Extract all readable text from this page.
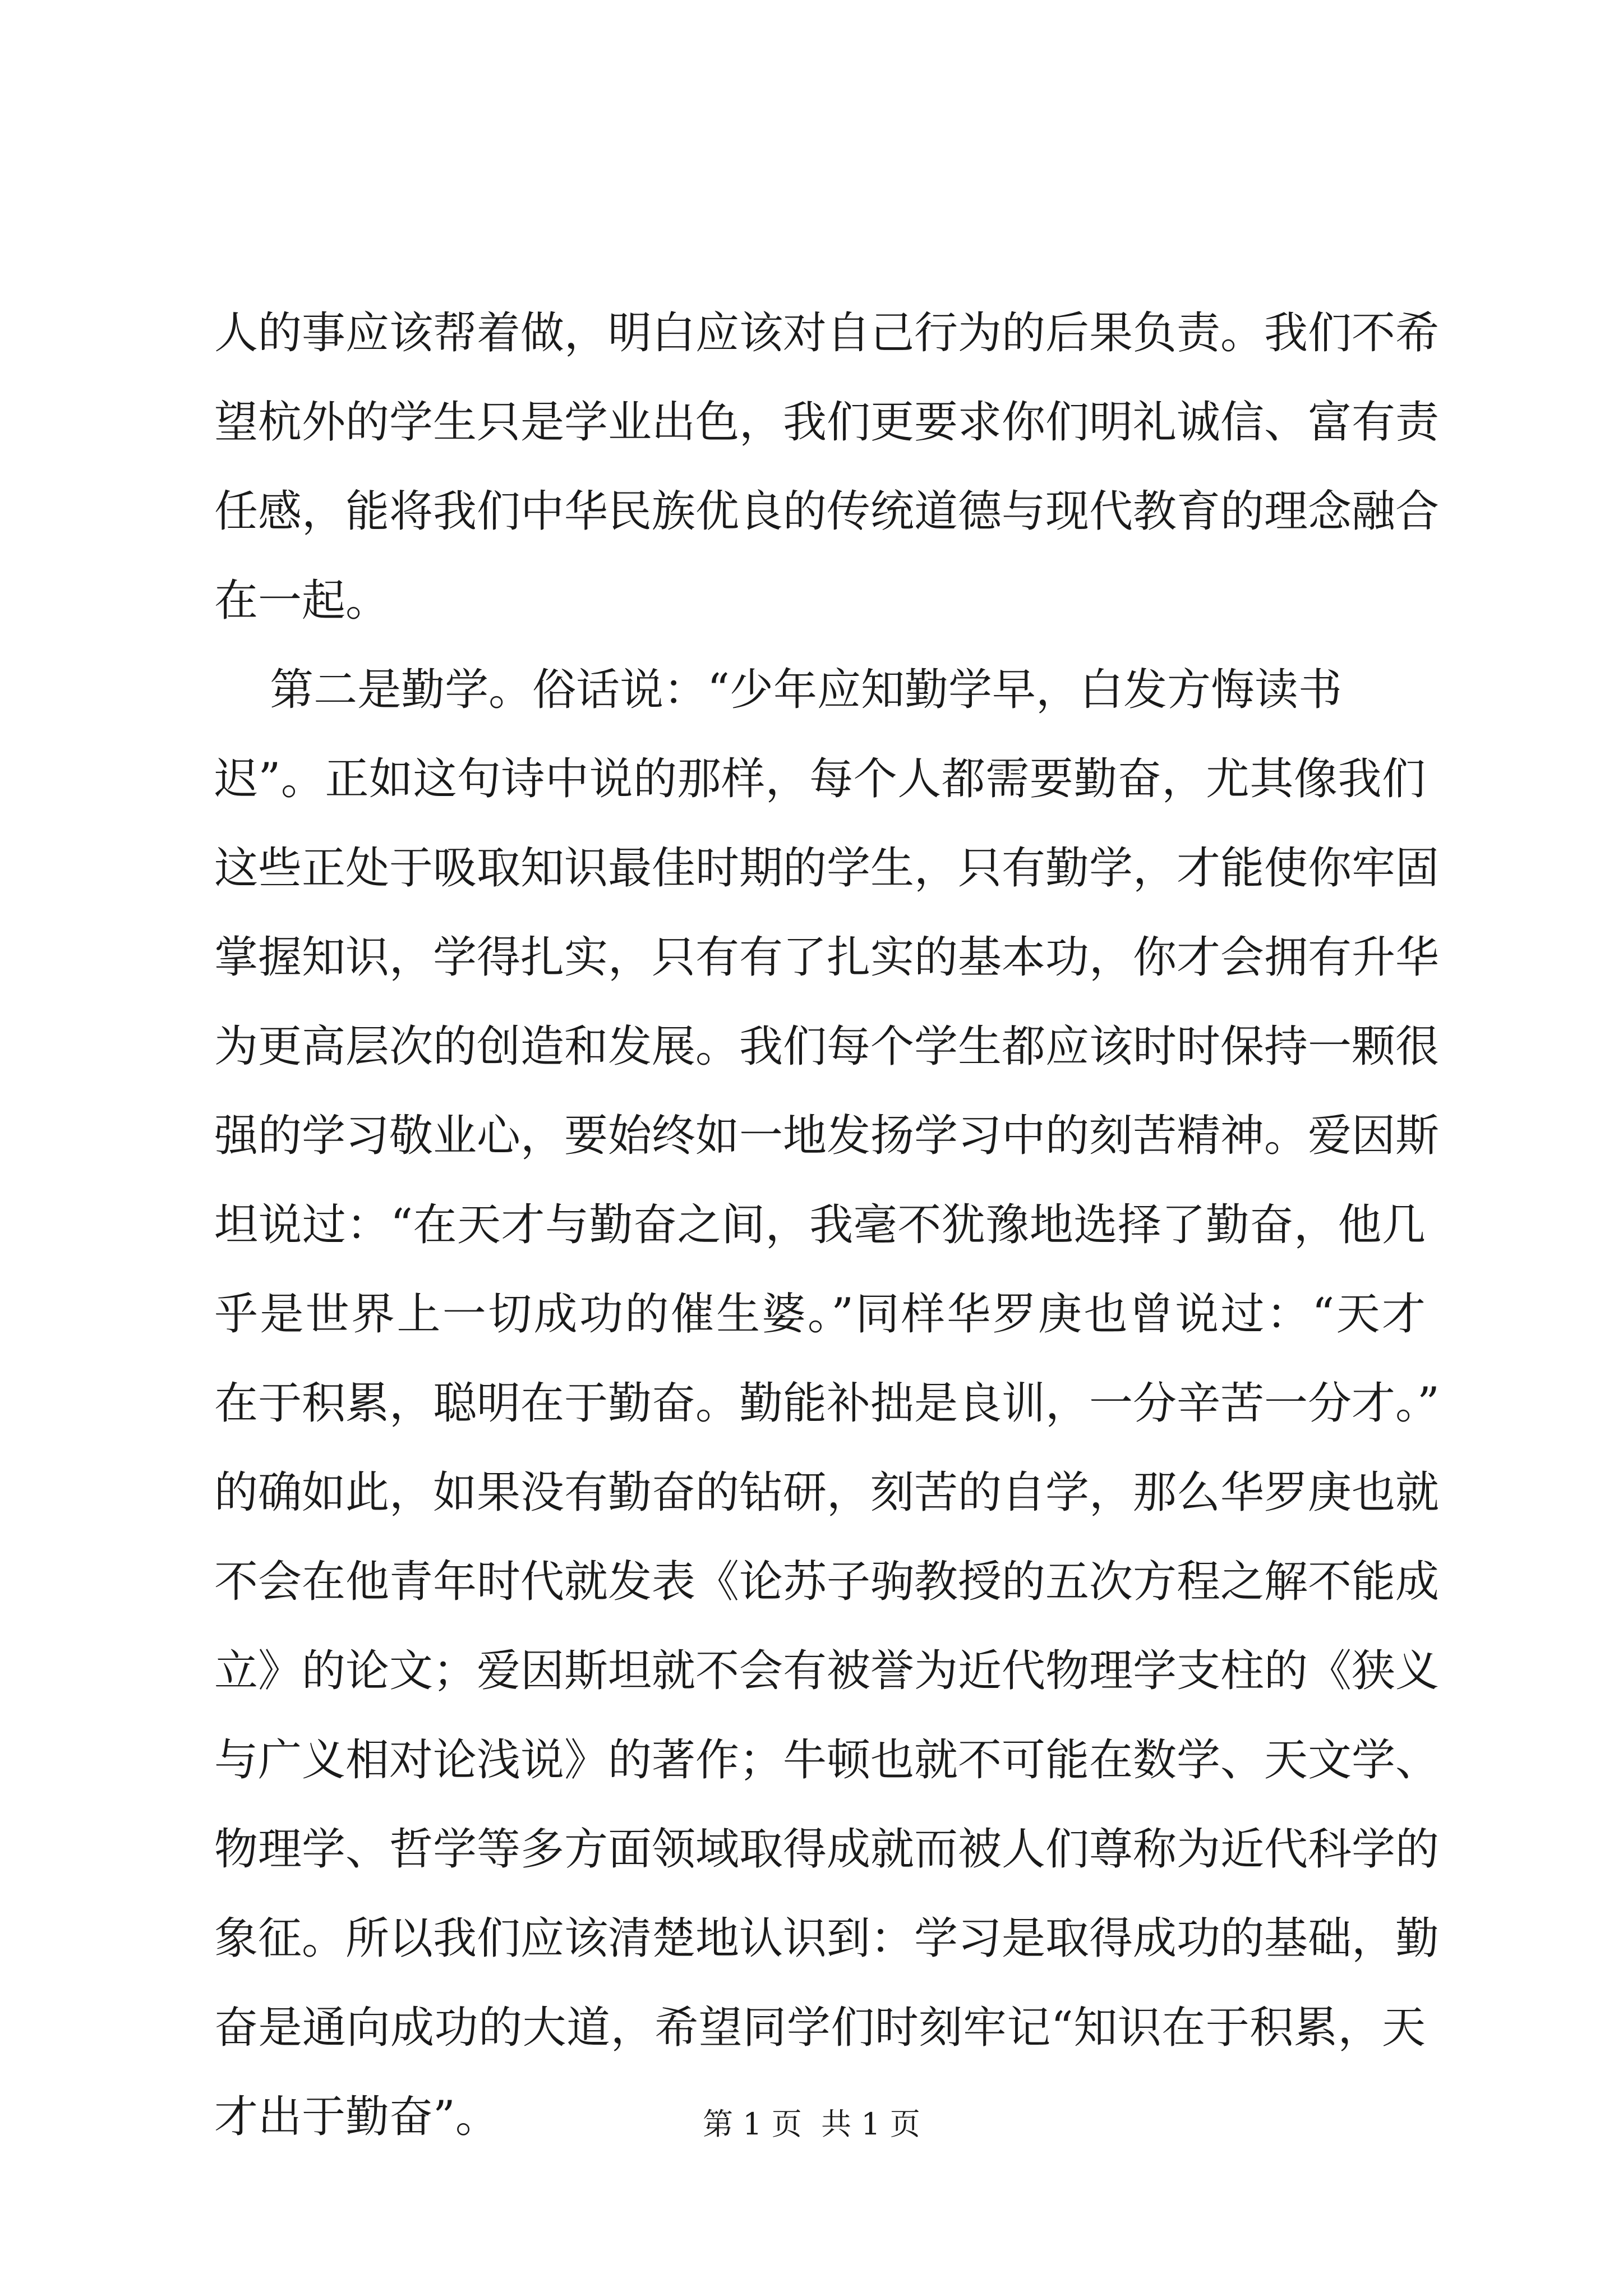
人的事应该帮着做，明白应该对自己行为的后果负责。我们不希
望杭外的学生只是学业出色，我们更要求你们明礼诚信、富有责
任感，能将我们中华民族优良的传统道德与现代教育的理念融合
在一起。
第二是勤学。俗话说：“少年应知勤学早，白发方悔读书
迟”。正如这句诗中说的那样，每个人都需要勤奋，尤其像我们
这些正处于吸取知识最佳时期的学生，只有勤学，才能使你牢固
掌握知识，学得扎实，只有有了扎实的基本功，你才会拥有升华
为更高层次的创造和发展。我们每个学生都应该时时保持一颗很
强的学习敬业心，要始终如一地发扬学习中的刻苦精神。爱因斯
坦说过：“在天才与勤奋之间，我毫不犹豫地选择了勤奋，他几
乎是世界上一切成功的催生婆。”同样华罗庚也曾说过：“天才
在于积累，聪明在于勤奋。勤能补拙是良训，一分辛苦一分才。”
的确如此，如果没有勤奋的钻研，刻苦的自学，那么华罗庚也就
不会在他青年时代就发表《论苏子驹教授的五次方程之解不能成
立》的论文；爱因斯坦就不会有被誉为近代物理学支柱的《狭义
与广义相对论浅说》的著作；牛顿也就不可能在数学、天文学、
物理学、哲学等多方面领域取得成就而被人们尊称为近代科学的
象征。所以我们应该清楚地认识到：学习是取得成功的基础，勤
奋是通向成功的大道，希望同学们时刻牢记“知识在于积累，天
才出于勤奋”。	第 1 页  共 1 页
